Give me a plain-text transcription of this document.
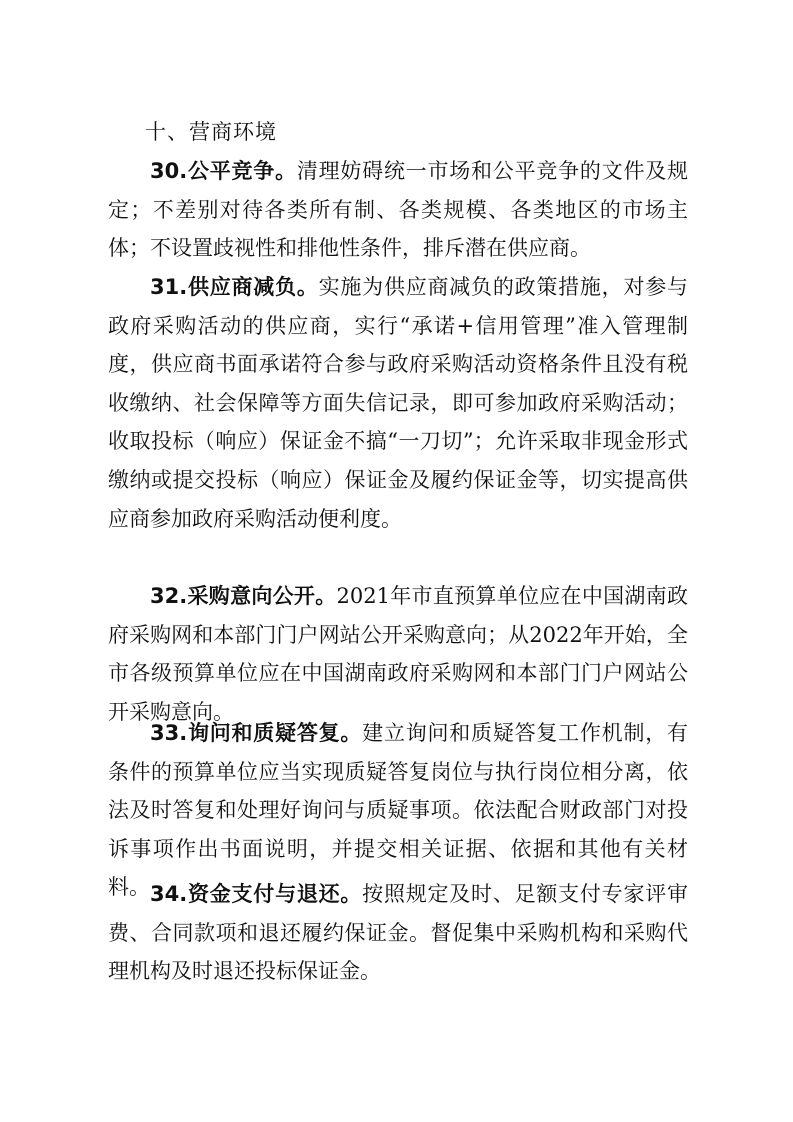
十、营商环境

30.公平竞争。清理妨碍统一市场和公平竞争的文件及规定；不差别对待各类所有制、各类规模、各类地区的市场主体；不设置歧视性和排他性条件，排斥潜在供应商。

31.供应商减负。实施为供应商减负的政策措施，对参与政府采购活动的供应商，实行“承诺+信用管理”准入管理制度，供应商书面承诺符合参与政府采购活动资格条件且没有税收缴纳、社会保障等方面失信记录，即可参加政府采购活动；收取投标（响应）保证金不搞“一刀切”；允许采取非现金形式缴纳或提交投标（响应）保证金及履约保证金等，切实提高供应商参加政府采购活动便利度。

32.采购意向公开。2021年市直预算单位应在中国湖南政府采购网和本部门门户网站公开采购意向；从2022年开始，全市各级预算单位应在中国湖南政府采购网和本部门门户网站公开采购意向。

33.询问和质疑答复。建立询问和质疑答复工作机制，有条件的预算单位应当实现质疑答复岗位与执行岗位相分离，依法及时答复和处理好询问与质疑事项。依法配合财政部门对投诉事项作出书面说明，并提交相关证据、依据和其他有关材料。 34.资金支付与退还。按照规定及时、足额支付专家评审费、合同款项和退还履约保证金。督促集中采购机构和采购代理机构及时退还投标保证金。
